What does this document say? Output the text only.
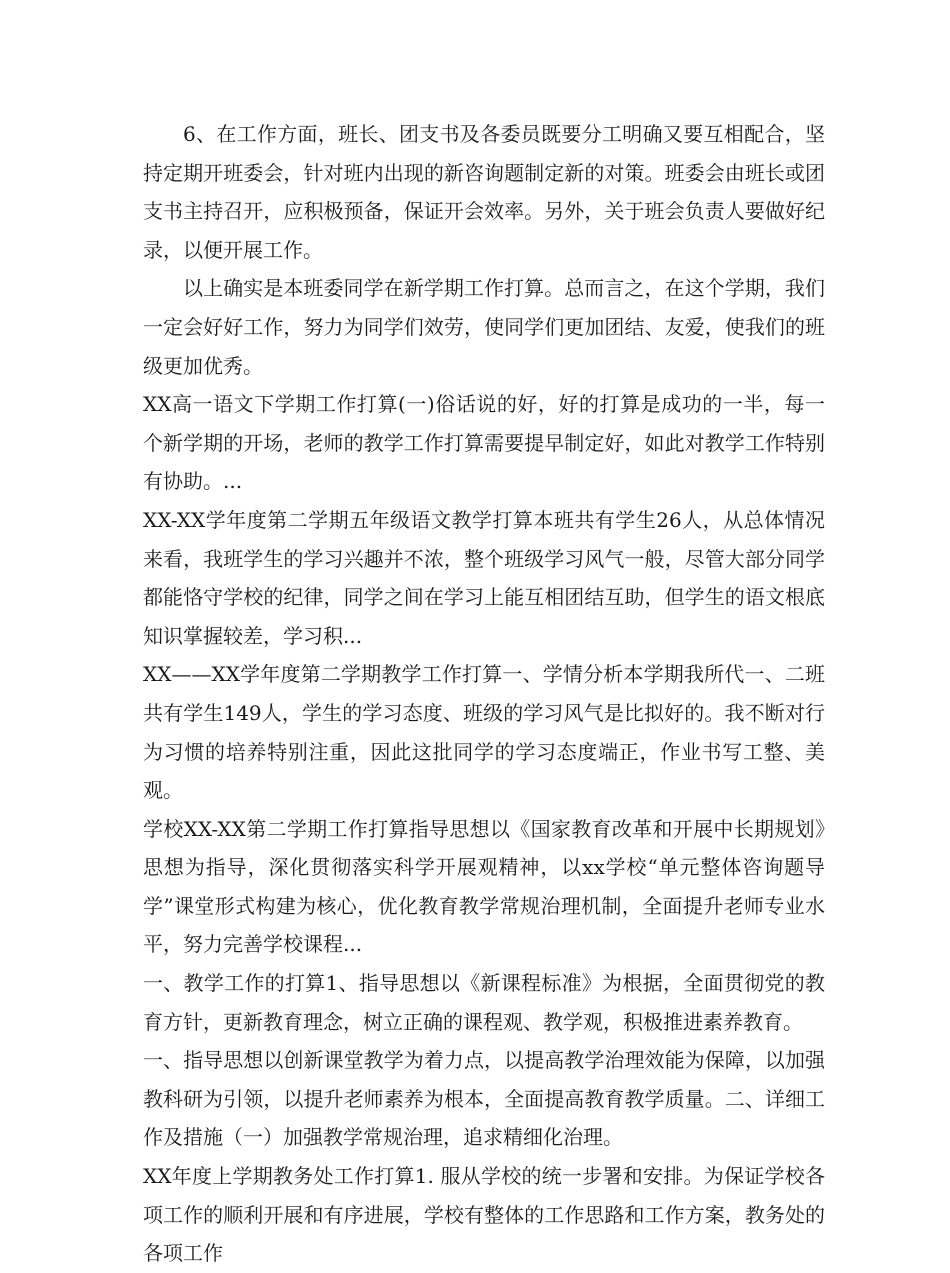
6、在工作方面，班长、团支书及各委员既要分工明确又要互相配合，坚持定期开班委会，针对班内出现的新咨询题制定新的对策。班委会由班长或团支书主持召开，应积极预备，保证开会效率。另外，关于班会负责人要做好纪录，以便开展工作。

以上确实是本班委同学在新学期工作打算。总而言之，在这个学期，我们一定会好好工作，努力为同学们效劳，使同学们更加团结、友爱，使我们的班级更加优秀。

XX高一语文下学期工作打算(一)俗话说的好，好的打算是成功的一半，每一个新学期的开场，老师的教学工作打算需要提早制定好，如此对教学工作特别有协助。...

XX-XX学年度第二学期五年级语文教学打算本班共有学生26人，从总体情况来看，我班学生的学习兴趣并不浓，整个班级学习风气一般，尽管大部分同学都能恪守学校的纪律，同学之间在学习上能互相团结互助，但学生的语文根底知识掌握较差，学习积...

XX——XX学年度第二学期教学工作打算一、学情分析本学期我所代一、二班共有学生149人，学生的学习态度、班级的学习风气是比拟好的。我不断对行为习惯的培养特别注重，因此这批同学的学习态度端正，作业书写工整、美观。

学校XX-XX第二学期工作打算指导思想以《国家教育改革和开展中长期规划》思想为指导，深化贯彻落实科学开展观精神，以xx学校“单元整体咨询题导学”课堂形式构建为核心，优化教育教学常规治理机制，全面提升老师专业水平，努力完善学校课程...

一、教学工作的打算1、指导思想以《新课程标准》为根据，全面贯彻党的教育方针，更新教育理念，树立正确的课程观、教学观，积极推进素养教育。

一、指导思想以创新课堂教学为着力点，以提高教学治理效能为保障，以加强教科研为引领，以提升老师素养为根本，全面提高教育教学质量。二、详细工作及措施（一）加强教学常规治理，追求精细化治理。

XX年度上学期教务处工作打算1. 服从学校的统一步署和安排。为保证学校各项工作的顺利开展和有序进展，学校有整体的工作思路和工作方案，教务处的各项工作
